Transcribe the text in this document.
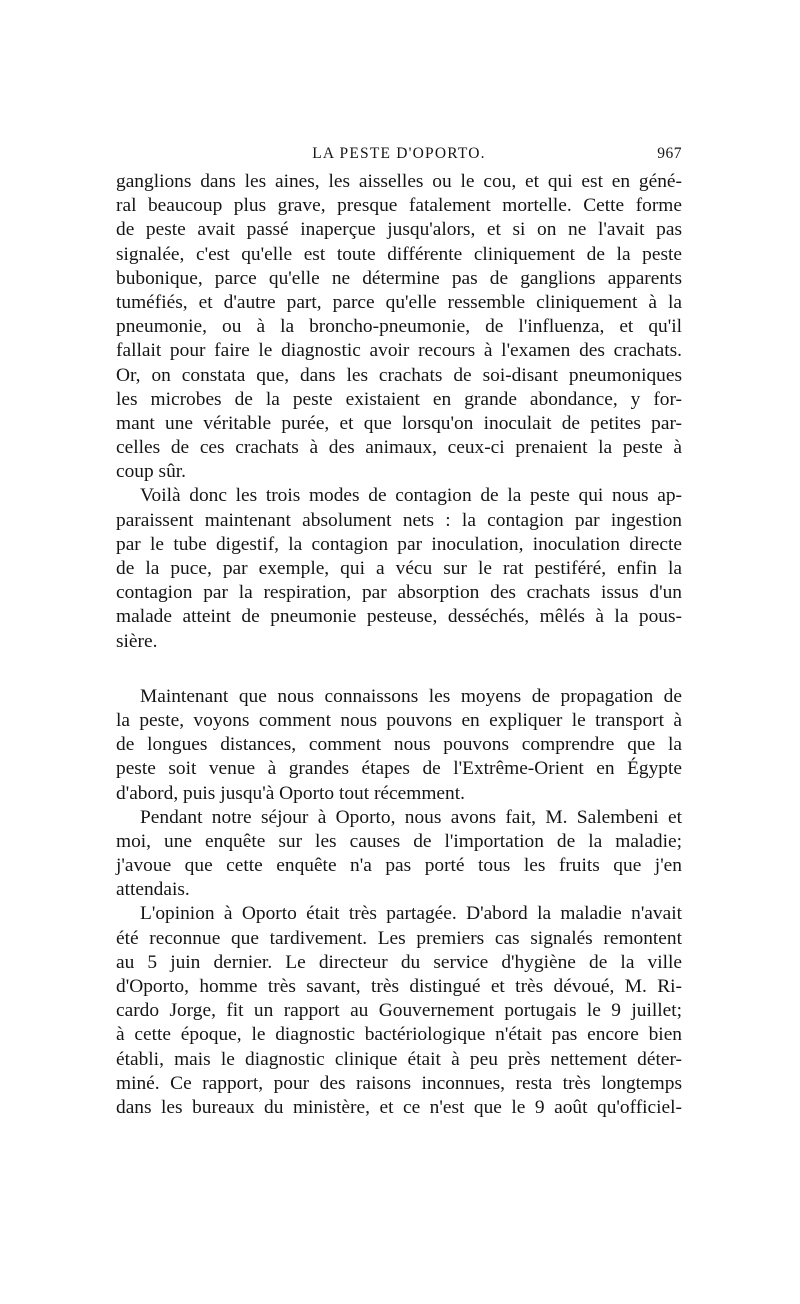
LA PESTE D'OPORTO.	967
ganglions dans les aines, les aisselles ou le cou, et qui est en géné-
ral beaucoup plus grave, presque fatalement mortelle. Cette forme
de peste avait passé inaperçue jusqu'alors, et si on ne l'avait pas
signalée, c'est qu'elle est toute différente cliniquement de la peste
bubonique, parce qu'elle ne détermine pas de ganglions apparents
tuméfiés, et d'autre part, parce qu'elle ressemble cliniquement à la
pneumonie, ou à la broncho-pneumonie, de l'influenza, et qu'il
fallait pour faire le diagnostic avoir recours à l'examen des crachats.
Or, on constata que, dans les crachats de soi-disant pneumoniques
les microbes de la peste existaient en grande abondance, y for-
mant une véritable purée, et que lorsqu'on inoculait de petites par-
celles de ces crachats à des animaux, ceux-ci prenaient la peste à
coup sûr.
Voilà donc les trois modes de contagion de la peste qui nous ap-
paraissent maintenant absolument nets : la contagion par ingestion
par le tube digestif, la contagion par inoculation, inoculation directe
de la puce, par exemple, qui a vécu sur le rat pestiféré, enfin la
contagion par la respiration, par absorption des crachats issus d'un
malade atteint de pneumonie pesteuse, desséchés, mêlés à la pous-
sière.
Maintenant que nous connaissons les moyens de propagation de
la peste, voyons comment nous pouvons en expliquer le transport à
de longues distances, comment nous pouvons comprendre que la
peste soit venue à grandes étapes de l'Extrême-Orient en Égypte
d'abord, puis jusqu'à Oporto tout récemment.
Pendant notre séjour à Oporto, nous avons fait, M. Salembeni et
moi, une enquête sur les causes de l'importation de la maladie;
j'avoue que cette enquête n'a pas porté tous les fruits que j'en
attendais.
L'opinion à Oporto était très partagée. D'abord la maladie n'avait
été reconnue que tardivement. Les premiers cas signalés remontent
au 5 juin dernier. Le directeur du service d'hygiène de la ville
d'Oporto, homme très savant, très distingué et très dévoué, M. Ri-
cardo Jorge, fit un rapport au Gouvernement portugais le 9 juillet;
à cette époque, le diagnostic bactériologique n'était pas encore bien
établi, mais le diagnostic clinique était à peu près nettement déter-
miné. Ce rapport, pour des raisons inconnues, resta très longtemps
dans les bureaux du ministère, et ce n'est que le 9 août qu'officiel-
